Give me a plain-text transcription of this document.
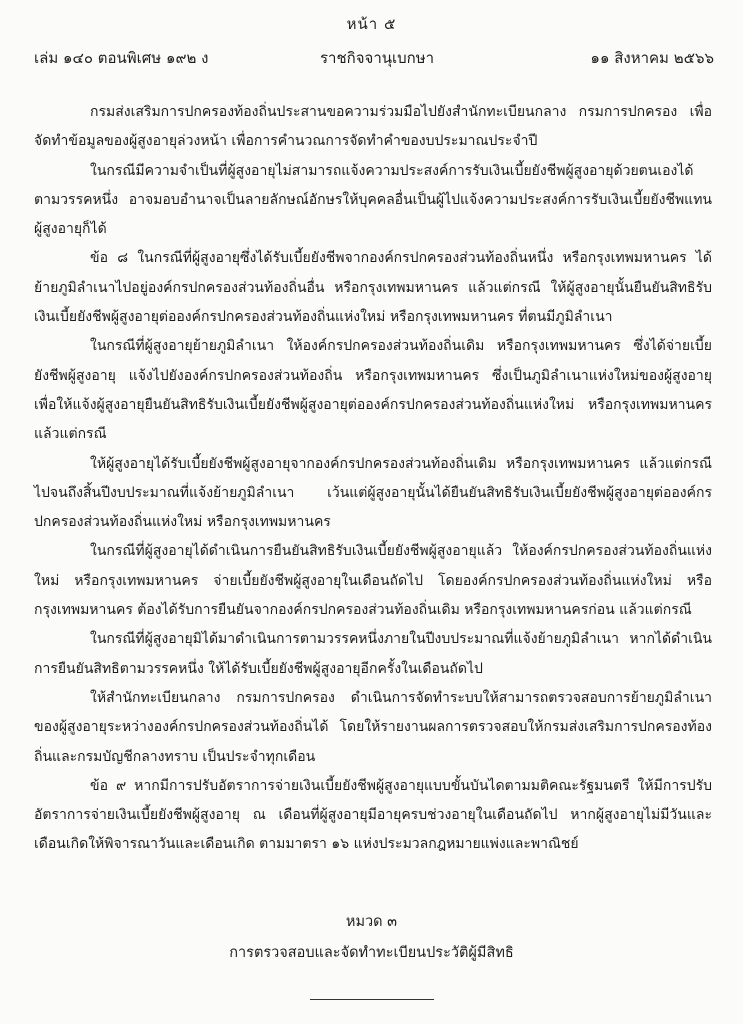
หน้า ๕
เล่ม ๑๔๐ ตอนพิเศษ ๑๙๒ ง	ราชกิจจานุเบกษา	๑๑ สิงหาคม ๒๕๖๖

กรมส่งเสริมการปกครองท้องถิ่นประสานขอความร่วมมือไปยังสำนักทะเบียนกลาง กรมการปกครอง เพื่อจัดทำข้อมูลของผู้สูงอายุล่วงหน้า เพื่อการคำนวณการจัดทำคำของบประมาณประจำปี

ในกรณีมีความจำเป็นที่ผู้สูงอายุไม่สามารถแจ้งความประสงค์การรับเงินเบี้ยยังชีพผู้สูงอายุด้วยตนเองได้ตามวรรคหนึ่ง อาจมอบอำนาจเป็นลายลักษณ์อักษรให้บุคคลอื่นเป็นผู้ไปแจ้งความประสงค์การรับเงินเบี้ยยังชีพแทนผู้สูงอายุก็ได้

ข้อ ๘ ในกรณีที่ผู้สูงอายุซึ่งได้รับเบี้ยยังชีพจากองค์กรปกครองส่วนท้องถิ่นหนึ่ง หรือกรุงเทพมหานคร ได้ย้ายภูมิลำเนาไปอยู่องค์กรปกครองส่วนท้องถิ่นอื่น หรือกรุงเทพมหานคร แล้วแต่กรณี ให้ผู้สูงอายุนั้นยืนยันสิทธิรับเงินเบี้ยยังชีพผู้สูงอายุต่อองค์กรปกครองส่วนท้องถิ่นแห่งใหม่ หรือกรุงเทพมหานคร ที่ตนมีภูมิลำเนา

ในกรณีที่ผู้สูงอายุย้ายภูมิลำเนา ให้องค์กรปกครองส่วนท้องถิ่นเดิม หรือกรุงเทพมหานคร ซึ่งได้จ่ายเบี้ยยังชีพผู้สูงอายุ แจ้งไปยังองค์กรปกครองส่วนท้องถิ่น หรือกรุงเทพมหานคร ซึ่งเป็นภูมิลำเนาแห่งใหม่ของผู้สูงอายุ เพื่อให้แจ้งผู้สูงอายุยืนยันสิทธิรับเงินเบี้ยยังชีพผู้สูงอายุต่อองค์กรปกครองส่วนท้องถิ่นแห่งใหม่ หรือกรุงเทพมหานคร แล้วแต่กรณี

ให้ผู้สูงอายุได้รับเบี้ยยังชีพผู้สูงอายุจากองค์กรปกครองส่วนท้องถิ่นเดิม หรือกรุงเทพมหานคร แล้วแต่กรณี ไปจนถึงสิ้นปีงบประมาณที่แจ้งย้ายภูมิลำเนา เว้นแต่ผู้สูงอายุนั้นได้ยืนยันสิทธิรับเงินเบี้ยยังชีพผู้สูงอายุต่อองค์กรปกครองส่วนท้องถิ่นแห่งใหม่ หรือกรุงเทพมหานคร

ในกรณีที่ผู้สูงอายุได้ดำเนินการยืนยันสิทธิรับเงินเบี้ยยังชีพผู้สูงอายุแล้ว ให้องค์กรปกครองส่วนท้องถิ่นแห่งใหม่ หรือกรุงเทพมหานคร จ่ายเบี้ยยังชีพผู้สูงอายุในเดือนถัดไป โดยองค์กรปกครองส่วนท้องถิ่นแห่งใหม่ หรือกรุงเทพมหานคร ต้องได้รับการยืนยันจากองค์กรปกครองส่วนท้องถิ่นเดิม หรือกรุงเทพมหานครก่อน แล้วแต่กรณี

ในกรณีที่ผู้สูงอายุมิได้มาดำเนินการตามวรรคหนึ่งภายในปีงบประมาณที่แจ้งย้ายภูมิลำเนา หากได้ดำเนินการยืนยันสิทธิตามวรรคหนึ่ง ให้ได้รับเบี้ยยังชีพผู้สูงอายุอีกครั้งในเดือนถัดไป

ให้สำนักทะเบียนกลาง กรมการปกครอง ดำเนินการจัดทำระบบให้สามารถตรวจสอบการย้ายภูมิลำเนาของผู้สูงอายุระหว่างองค์กรปกครองส่วนท้องถิ่นได้ โดยให้รายงานผลการตรวจสอบให้กรมส่งเสริมการปกครองท้องถิ่นและกรมบัญชีกลางทราบ เป็นประจำทุกเดือน

ข้อ ๙ หากมีการปรับอัตราการจ่ายเงินเบี้ยยังชีพผู้สูงอายุแบบขั้นบันไดตามมติคณะรัฐมนตรี ให้มีการปรับอัตราการจ่ายเงินเบี้ยยังชีพผู้สูงอายุ ณ เดือนที่ผู้สูงอายุมีอายุครบช่วงอายุในเดือนถัดไป หากผู้สูงอายุไม่มีวันและเดือนเกิดให้พิจารณาวันและเดือนเกิด ตามมาตรา ๑๖ แห่งประมวลกฎหมายแพ่งและพาณิชย์

หมวด ๓
การตรวจสอบและจัดทำทะเบียนประวัติผู้มีสิทธิ
